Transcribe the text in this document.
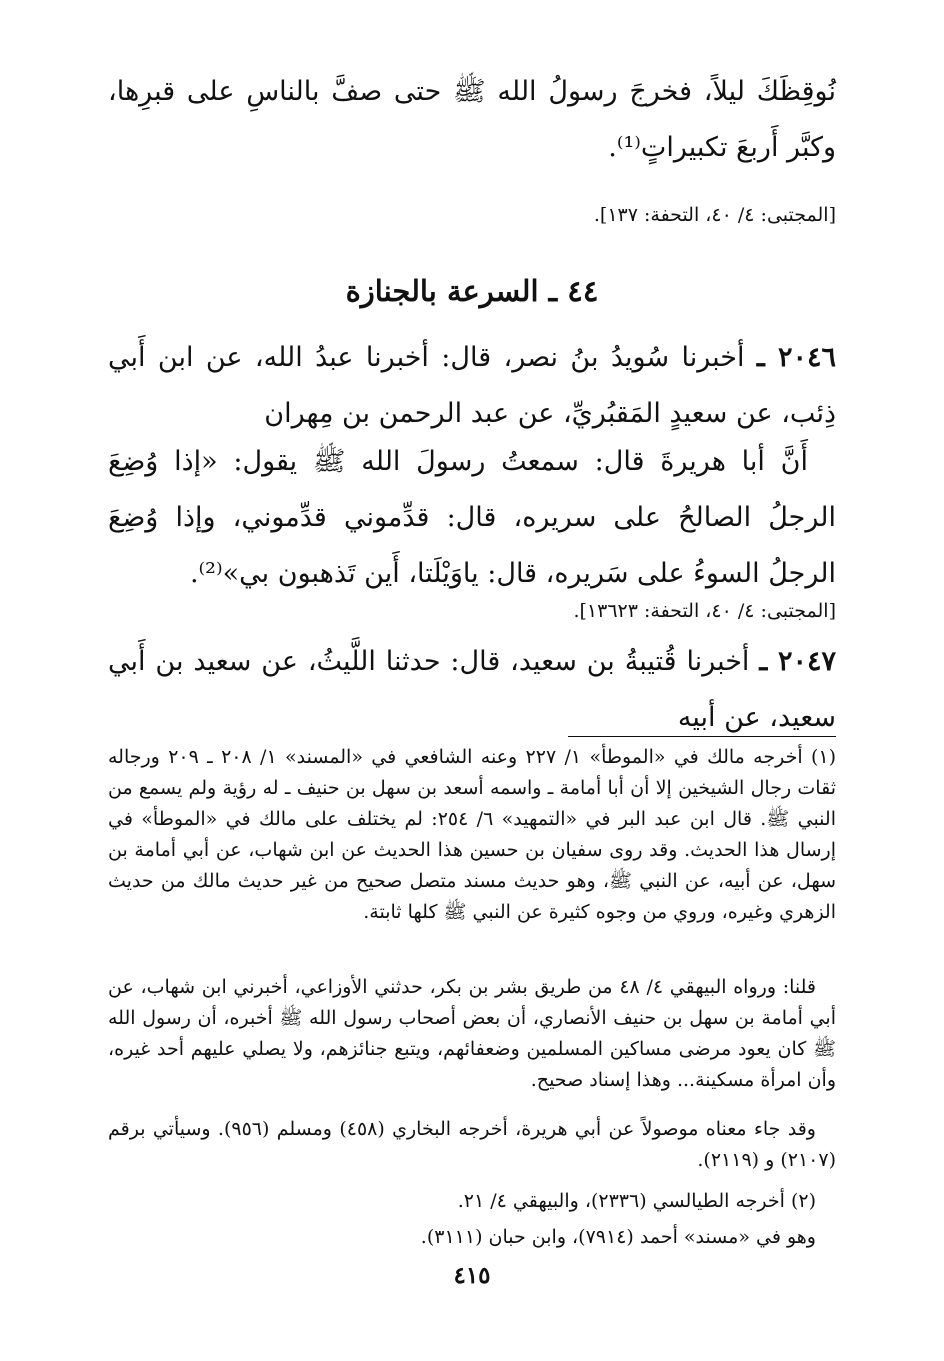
نُوقِظَكَ ليلاً، فخرجَ رسولُ الله ﷺ حتى صفَّ بالناسِ على قبرِها، وكبَّر أَربعَ تكبيراتٍ⁽¹⁾.

[المجتبى: ٤/ ٤٠، التحفة: ١٣٧].

٤٤ ـ السرعة بالجنازة
٢٠٤٦ ـ أخبرنا سُويدُ بنُ نصر، قال: أخبرنا عبدُ الله، عن ابن أَبي ذِئب، عن سعيدٍ المَقبُريِّ، عن عبد الرحمن بن مِهران

أَنَّ أبا هريرةَ قال: سمعتُ رسولَ الله ﷺ يقول: «إذا وُضِعَ الرجلُ الصالحُ على سريره، قال: قدِّموني قدِّموني، وإذا وُضِعَ الرجلُ السوءُ على سَريره، قال: ياوَيْلَتا، أَين تَذهبون بي»⁽²⁾.

[المجتبى: ٤/ ٤٠، التحفة: ١٣٦٢٣].

٢٠٤٧ ـ أخبرنا قُتيبةُ بن سعيد، قال: حدثنا اللَّيثُ، عن سعيد بن أَبي سعيد، عن أبيه

(١) أخرجه مالك في «الموطأ» ١/ ٢٢٧ وعنه الشافعي في «المسند» ١/ ٢٠٨ ـ ٢٠٩ ورجاله ثقات رجال الشيخين إلا أن أبا أمامة ـ واسمه أسعد بن سهل بن حنيف ـ له رؤية ولم يسمع من النبي ﷺ. قال ابن عبد البر في «التمهيد» ٦/ ٢٥٤: لم يختلف على مالك في «الموطأ» في إرسال هذا الحديث. وقد روى سفيان بن حسين هذا الحديث عن ابن شهاب، عن أبي أمامة بن سهل، عن أبيه، عن النبي ﷺ، وهو حديث مسند متصل صحيح من غير حديث مالك من حديث الزهري وغيره، وروي من وجوه كثيرة عن النبي ﷺ كلها ثابتة.

قلنا: ورواه البيهقي ٤/ ٤٨ من طريق بشر بن بكر، حدثني الأوزاعي، أخبرني ابن شهاب، عن أبي أمامة بن سهل بن حنيف الأنصاري، أن بعض أصحاب رسول الله ﷺ أخبره، أن رسول الله ﷺ كان يعود مرضى مساكين المسلمين وضعفائهم، ويتبع جنائزهم، ولا يصلي عليهم أحد غيره، وأن امرأة مسكينة... وهذا إسناد صحيح.

وقد جاء معناه موصولاً عن أبي هريرة، أخرجه البخاري (٤٥٨) ومسلم (٩٥٦). وسيأتي برقم (٢١٠٧) و (٢١١٩).

(٢) أخرجه الطيالسي (٢٣٣٦)، والبيهقي ٤/ ٢١.

وهو في «مسند» أحمد (٧٩١٤)، وابن حبان (٣١١١).

٤١٥
